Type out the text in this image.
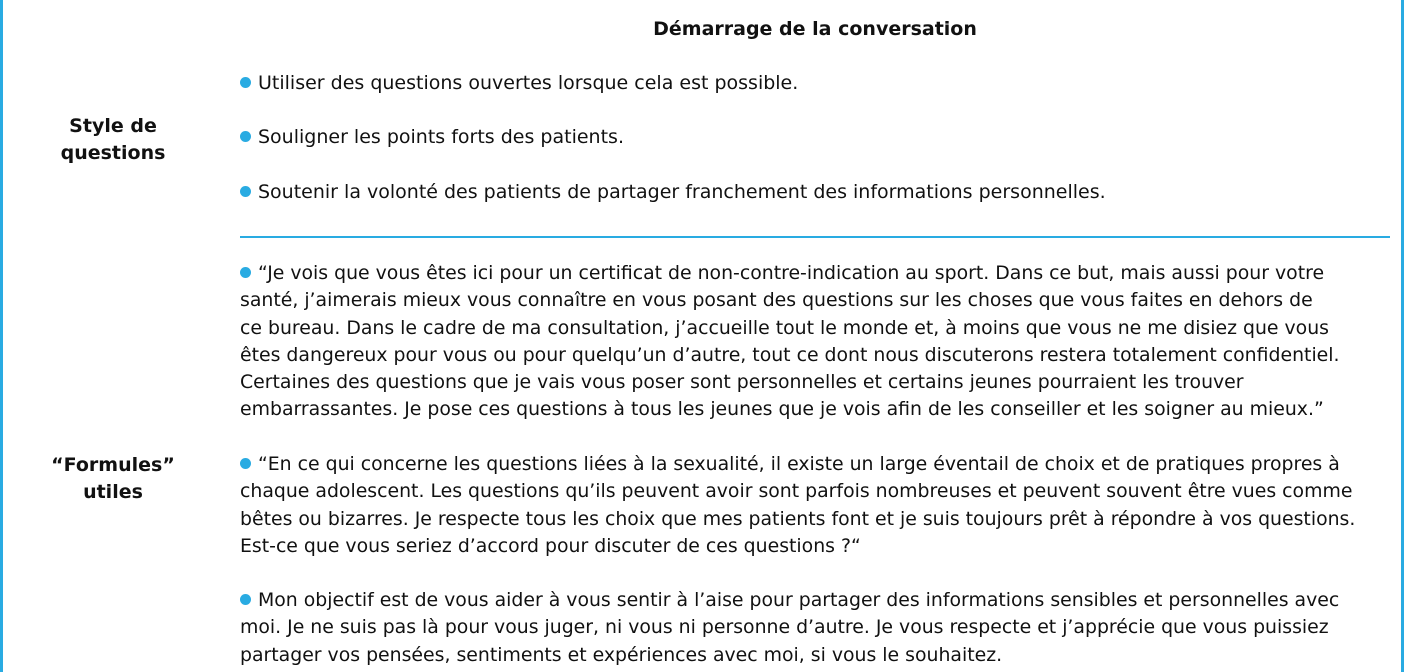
Démarrage de la conversation
Style de
questions
Utiliser des questions ouvertes lorsque cela est possible.
Souligner les points forts des patients.
Soutenir la volonté des patients de partager franchement des informations personnelles.
“Formules”
utiles
“Je vois que vous êtes ici pour un certificat de non-contre-indication au sport. Dans ce but, mais aussi pour votre
santé, j’aimerais mieux vous connaître en vous posant des questions sur les choses que vous faites en dehors de
ce bureau. Dans le cadre de ma consultation, j’accueille tout le monde et, à moins que vous ne me disiez que vous
êtes dangereux pour vous ou pour quelqu’un d’autre, tout ce dont nous discuterons restera totalement confidentiel.
Certaines des questions que je vais vous poser sont personnelles et certains jeunes pourraient les trouver
embarrassantes. Je pose ces questions à tous les jeunes que je vois afin de les conseiller et les soigner au mieux.”
“En ce qui concerne les questions liées à la sexualité, il existe un large éventail de choix et de pratiques propres à
chaque adolescent. Les questions qu’ils peuvent avoir sont parfois nombreuses et peuvent souvent être vues comme
bêtes ou bizarres. Je respecte tous les choix que mes patients font et je suis toujours prêt à répondre à vos questions.
Est-ce que vous seriez d’accord pour discuter de ces questions ?“
Mon objectif est de vous aider à vous sentir à l’aise pour partager des informations sensibles et personnelles avec
moi. Je ne suis pas là pour vous juger, ni vous ni personne d’autre. Je vous respecte et j’apprécie que vous puissiez
partager vos pensées, sentiments et expériences avec moi, si vous le souhaitez.
